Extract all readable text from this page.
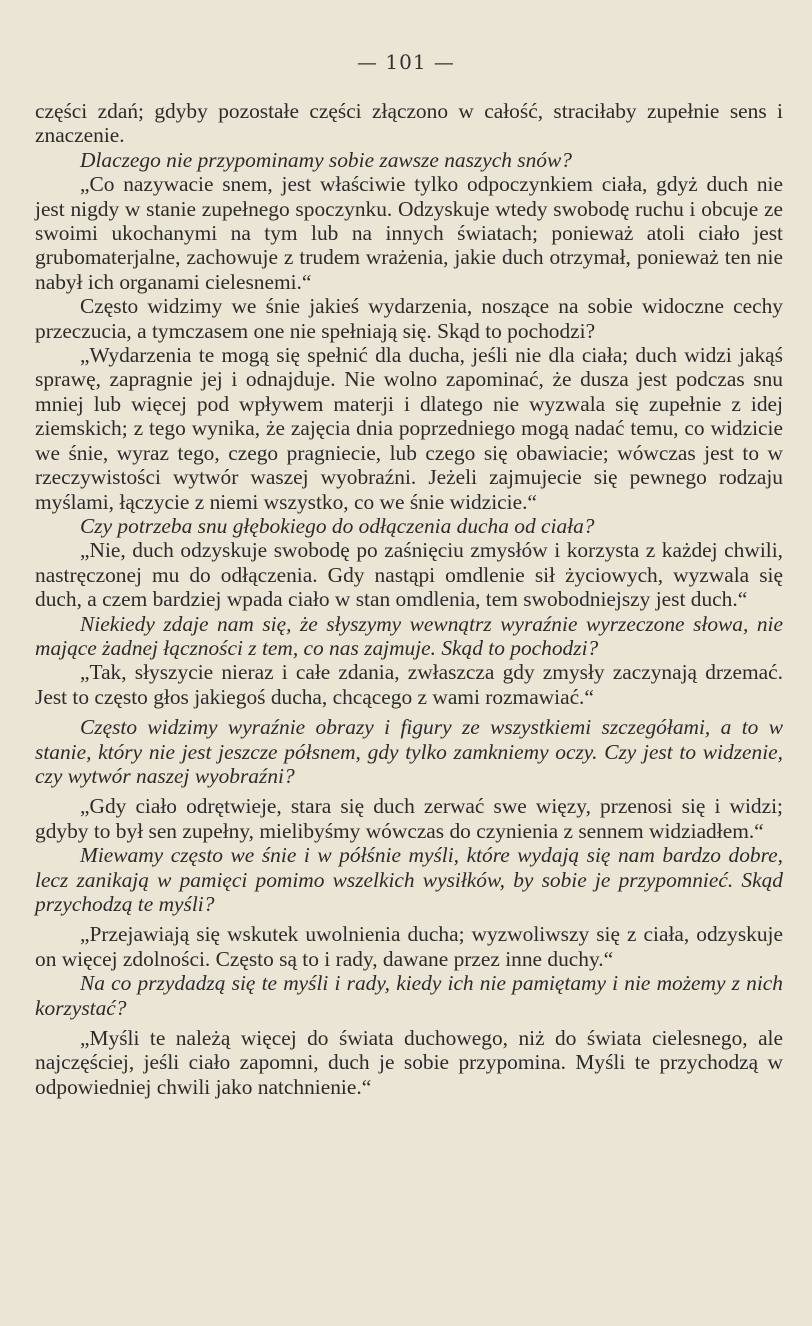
— 101 —

części zdań; gdyby pozostałe części złączono w całość, straciłaby zupełnie sens i znaczenie.

Dlaczego nie przypominamy sobie zawsze naszych snów?

„Co nazywacie snem, jest właściwie tylko odpoczynkiem ciała, gdyż duch nie jest nigdy w stanie zupełnego spoczynku. Odzyskuje wtedy swobodę ruchu i obcuje ze swoimi ukochanymi na tym lub na innych światach; ponieważ atoli ciało jest grubomaterjalne, zachowuje z trudem wrażenia, jakie duch otrzymał, ponieważ ten nie nabył ich organami cielesnemi.“

Często widzimy we śnie jakieś wydarzenia, noszące na sobie widoczne cechy przeczucia, a tymczasem one nie spełniają się. Skąd to pochodzi?

„Wydarzenia te mogą się spełnić dla ducha, jeśli nie dla ciała; duch widzi jakąś sprawę, zapragnie jej i odnajduje. Nie wolno zapominać, że dusza jest podczas snu mniej lub więcej pod wpływem materji i dlatego nie wyzwala się zupełnie z idej ziemskich; z tego wynika, że zajęcia dnia poprzedniego mogą nadać temu, co widzicie we śnie, wyraz tego, czego pragniecie, lub czego się obawiacie; wówczas jest to w rzeczywistości wytwór waszej wyobraźni. Jeżeli zajmujecie się pewnego rodzaju myślami, łączycie z niemi wszystko, co we śnie widzicie.“

Czy potrzeba snu głębokiego do odłączenia ducha od ciała?

„Nie, duch odzyskuje swobodę po zaśnięciu zmysłów i korzysta z każdej chwili, nastręczonej mu do odłączenia. Gdy nastąpi omdlenie sił życiowych, wyzwala się duch, a czem bardziej wpada ciało w stan omdlenia, tem swobodniejszy jest duch.“

Niekiedy zdaje nam się, że słyszymy wewnątrz wyraźnie wyrzeczone słowa, nie mające żadnej łączności z tem, co nas zajmuje. Skąd to pochodzi?

„Tak, słyszycie nieraz i całe zdania, zwłaszcza gdy zmysły zaczynają drzemać. Jest to często głos jakiegoś ducha, chcącego z wami rozmawiać.“

Często widzimy wyraźnie obrazy i figury ze wszystkiemi szczegółami, a to w stanie, który nie jest jeszcze półsnem, gdy tylko zamkniemy oczy. Czy jest to widzenie, czy wytwór naszej wyobraźni?

„Gdy ciało odrętwieje, stara się duch zerwać swe więzy, przenosi się i widzi; gdyby to był sen zupełny, mielibyśmy wówczas do czynienia z sennem widziadłem.“

Miewamy często we śnie i w półśnie myśli, które wydają się nam bardzo dobre, lecz zanikają w pamięci pomimo wszelkich wysiłków, by sobie je przypomnieć. Skąd przychodzą te myśli?

„Przejawiają się wskutek uwolnienia ducha; wyzwoliwszy się z ciała, odzyskuje on więcej zdolności. Często są to i rady, dawane przez inne duchy.“

Na co przydadzą się te myśli i rady, kiedy ich nie pamiętamy i nie możemy z nich korzystać?

„Myśli te należą więcej do świata duchowego, niż do świata cielesnego, ale najczęściej, jeśli ciało zapomni, duch je sobie przypomina. Myśli te przychodzą w odpowiedniej chwili jako natchnienie.“
